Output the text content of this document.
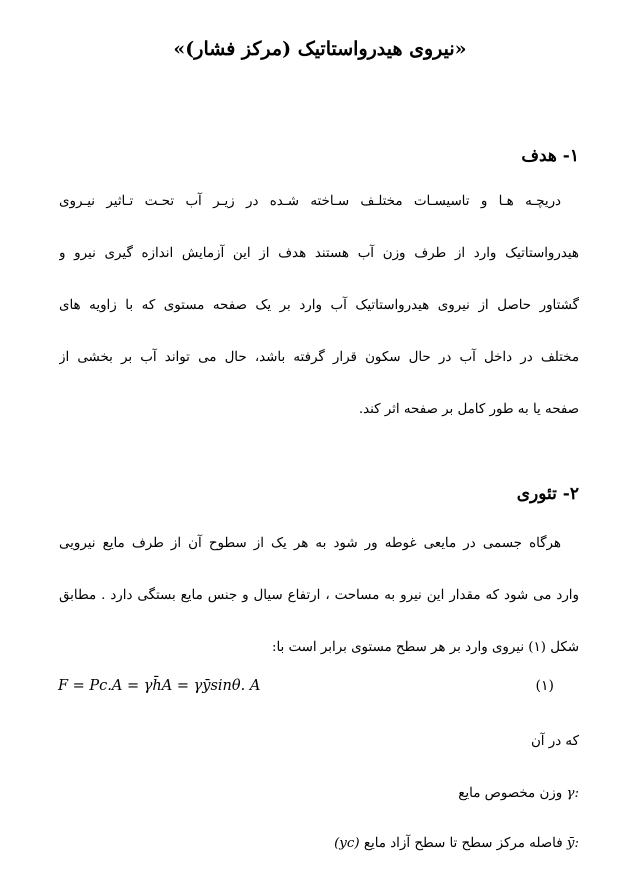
«نیروی هیدرواستاتیک (مرکز فشار)»
۱- هدف
دریچـه هـا و تاسیسـات مختلـف سـاخته شـده در زیـر آب تحـت تـاثیر نیـروی
هیدرواستاتیک وارد از طرف وزن آب هستند هدف از این آزمایش اندازه گیری نیرو و
گشتاور حاصل از نیروی هیدرواستاتیک آب وارد بر یک صفحه مستوی که با زاویه های
مختلف در داخل آب در حال سکون قرار گرفته باشد، حال می تواند آب بر بخشی از
صفحه یا به طور کامل بر صفحه اثر کند.
۲- تئوری
هرگاه جسمی در مایعی غوطه ور شود به هر یک از سطوح آن از طرف مایع نیرویی
وارد می شود که مقدار این نیرو به مساحت ، ارتفاع سیال و جنس مایع بستگی دارد . مطابق
شکل (۱) نیروی وارد بر هر سطح مستوی برابر است با:
F = Pc.A = γh̄A = γȳsinθ. A	(۱)
که در آن
γ: وزن مخصوص مایع
ȳ: فاصله مرکز سطح تا سطح آزاد مایع (yc)
